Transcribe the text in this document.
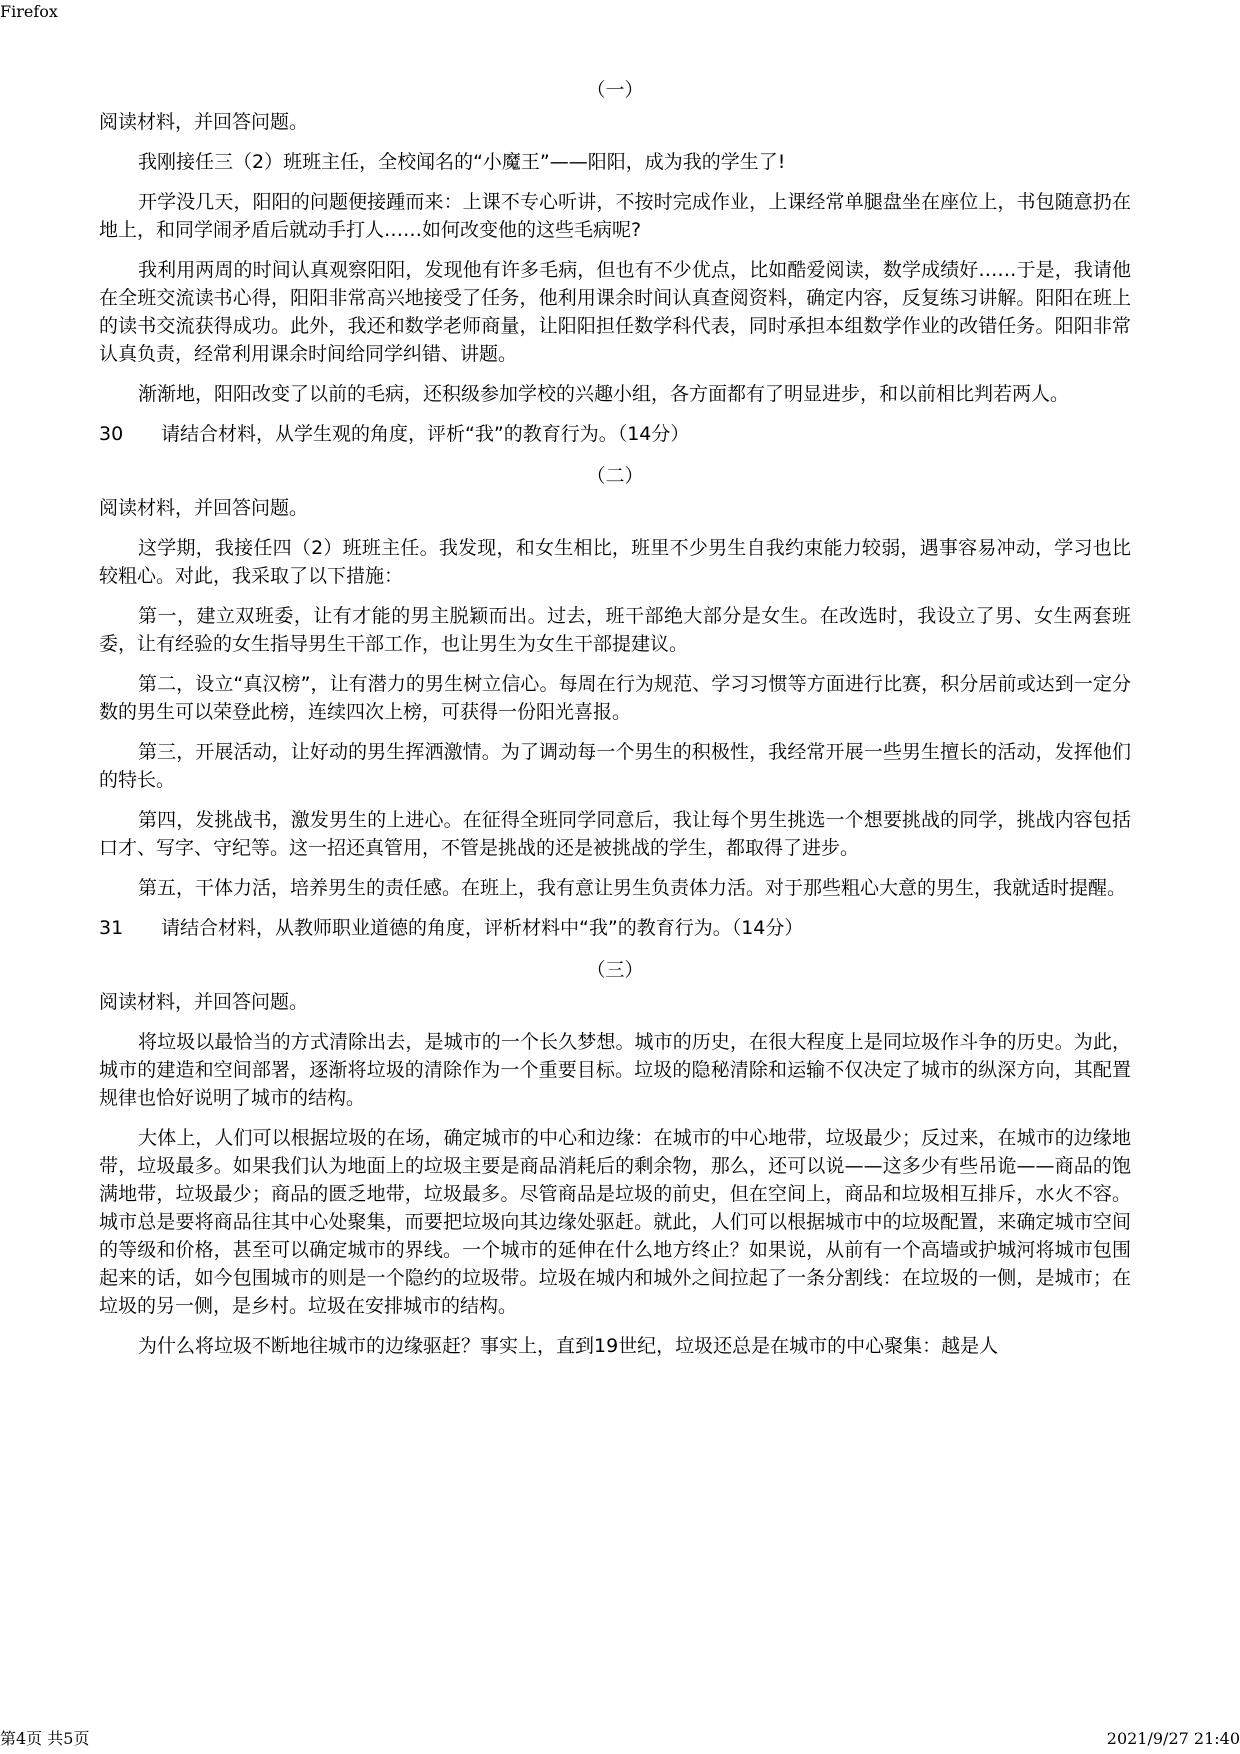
Firefox
（一）
阅读材料，并回答问题。

我刚接任三（2）班班主任，全校闻名的“小魔王”——阳阳，成为我的学生了!

开学没几天，阳阳的问题便接踵而来：上课不专心听讲，不按时完成作业，上课经常单腿盘坐在座位上，书包随意扔在地上，和同学闹矛盾后就动手打人……如何改变他的这些毛病呢?

我利用两周的时间认真观察阳阳，发现他有许多毛病，但也有不少优点，比如酷爱阅读，数学成绩好……于是，我请他在全班交流读书心得，阳阳非常高兴地接受了任务，他利用课余时间认真查阅资料，确定内容，反复练习讲解。阳阳在班上的读书交流获得成功。此外，我还和数学老师商量，让阳阳担任数学科代表，同时承担本组数学作业的改错任务。阳阳非常认真负责，经常利用课余时间给同学纠错、讲题。

渐渐地，阳阳改变了以前的毛病，还积级参加学校的兴趣小组，各方面都有了明显进步，和以前相比判若两人。

30 请结合材料，从学生观的角度，评析“我”的教育行为。（14分）
（二）
阅读材料，并回答问题。

这学期，我接任四（2）班班主任。我发现，和女生相比，班里不少男生自我约束能力较弱，遇事容易冲动，学习也比较粗心。对此，我采取了以下措施：

第一，建立双班委，让有才能的男主脱颖而出。过去，班干部绝大部分是女生。在改选时，我设立了男、女生两套班委，让有经验的女生指导男生干部工作，也让男生为女生干部提建议。

第二，设立“真汉榜”，让有潜力的男生树立信心。每周在行为规范、学习习惯等方面进行比赛，积分居前或达到一定分数的男生可以荣登此榜，连续四次上榜，可获得一份阳光喜报。

第三，开展活动，让好动的男生挥洒激情。为了调动每一个男生的积极性，我经常开展一些男生擅长的活动，发挥他们的特长。

第四，发挑战书，激发男生的上进心。在征得全班同学同意后，我让每个男生挑选一个想要挑战的同学，挑战内容包括口才、写字、守纪等。这一招还真管用，不管是挑战的还是被挑战的学生，都取得了进步。

第五，干体力活，培养男生的责任感。在班上，我有意让男生负责体力活。对于那些粗心大意的男生，我就适时提醒。

31 请结合材料，从教师职业道德的角度，评析材料中“我”的教育行为。（14分）
（三）
阅读材料，并回答问题。

将垃圾以最恰当的方式清除出去，是城市的一个长久梦想。城市的历史，在很大程度上是同垃圾作斗争的历史。为此，城市的建造和空间部署，逐渐将垃圾的清除作为一个重要目标。垃圾的隐秘清除和运输不仅决定了城市的纵深方向，其配置规律也恰好说明了城市的结构。

大体上，人们可以根据垃圾的在场，确定城市的中心和边缘：在城市的中心地带，垃圾最少；反过来，在城市的边缘地带，垃圾最多。如果我们认为地面上的垃圾主要是商品消耗后的剩余物，那么，还可以说——这多少有些吊诡——商品的饱满地带，垃圾最少；商品的匮乏地带，垃圾最多。尽管商品是垃圾的前史，但在空间上，商品和垃圾相互排斥，水火不容。城市总是要将商品往其中心处聚集，而要把垃圾向其边缘处驱赶。就此，人们可以根据城市中的垃圾配置，来确定城市空间的等级和价格，甚至可以确定城市的界线。一个城市的延伸在什么地方终止？如果说，从前有一个高墙或护城河将城市包围起来的话，如今包围城市的则是一个隐约的垃圾带。垃圾在城内和城外之间拉起了一条分割线：在垃圾的一侧，是城市；在垃圾的另一侧，是乡村。垃圾在安排城市的结构。

为什么将垃圾不断地往城市的边缘驱赶？事实上，直到19世纪，垃圾还总是在城市的中心聚集：越是人

第4页 共5页	2021/9/27 21:40
